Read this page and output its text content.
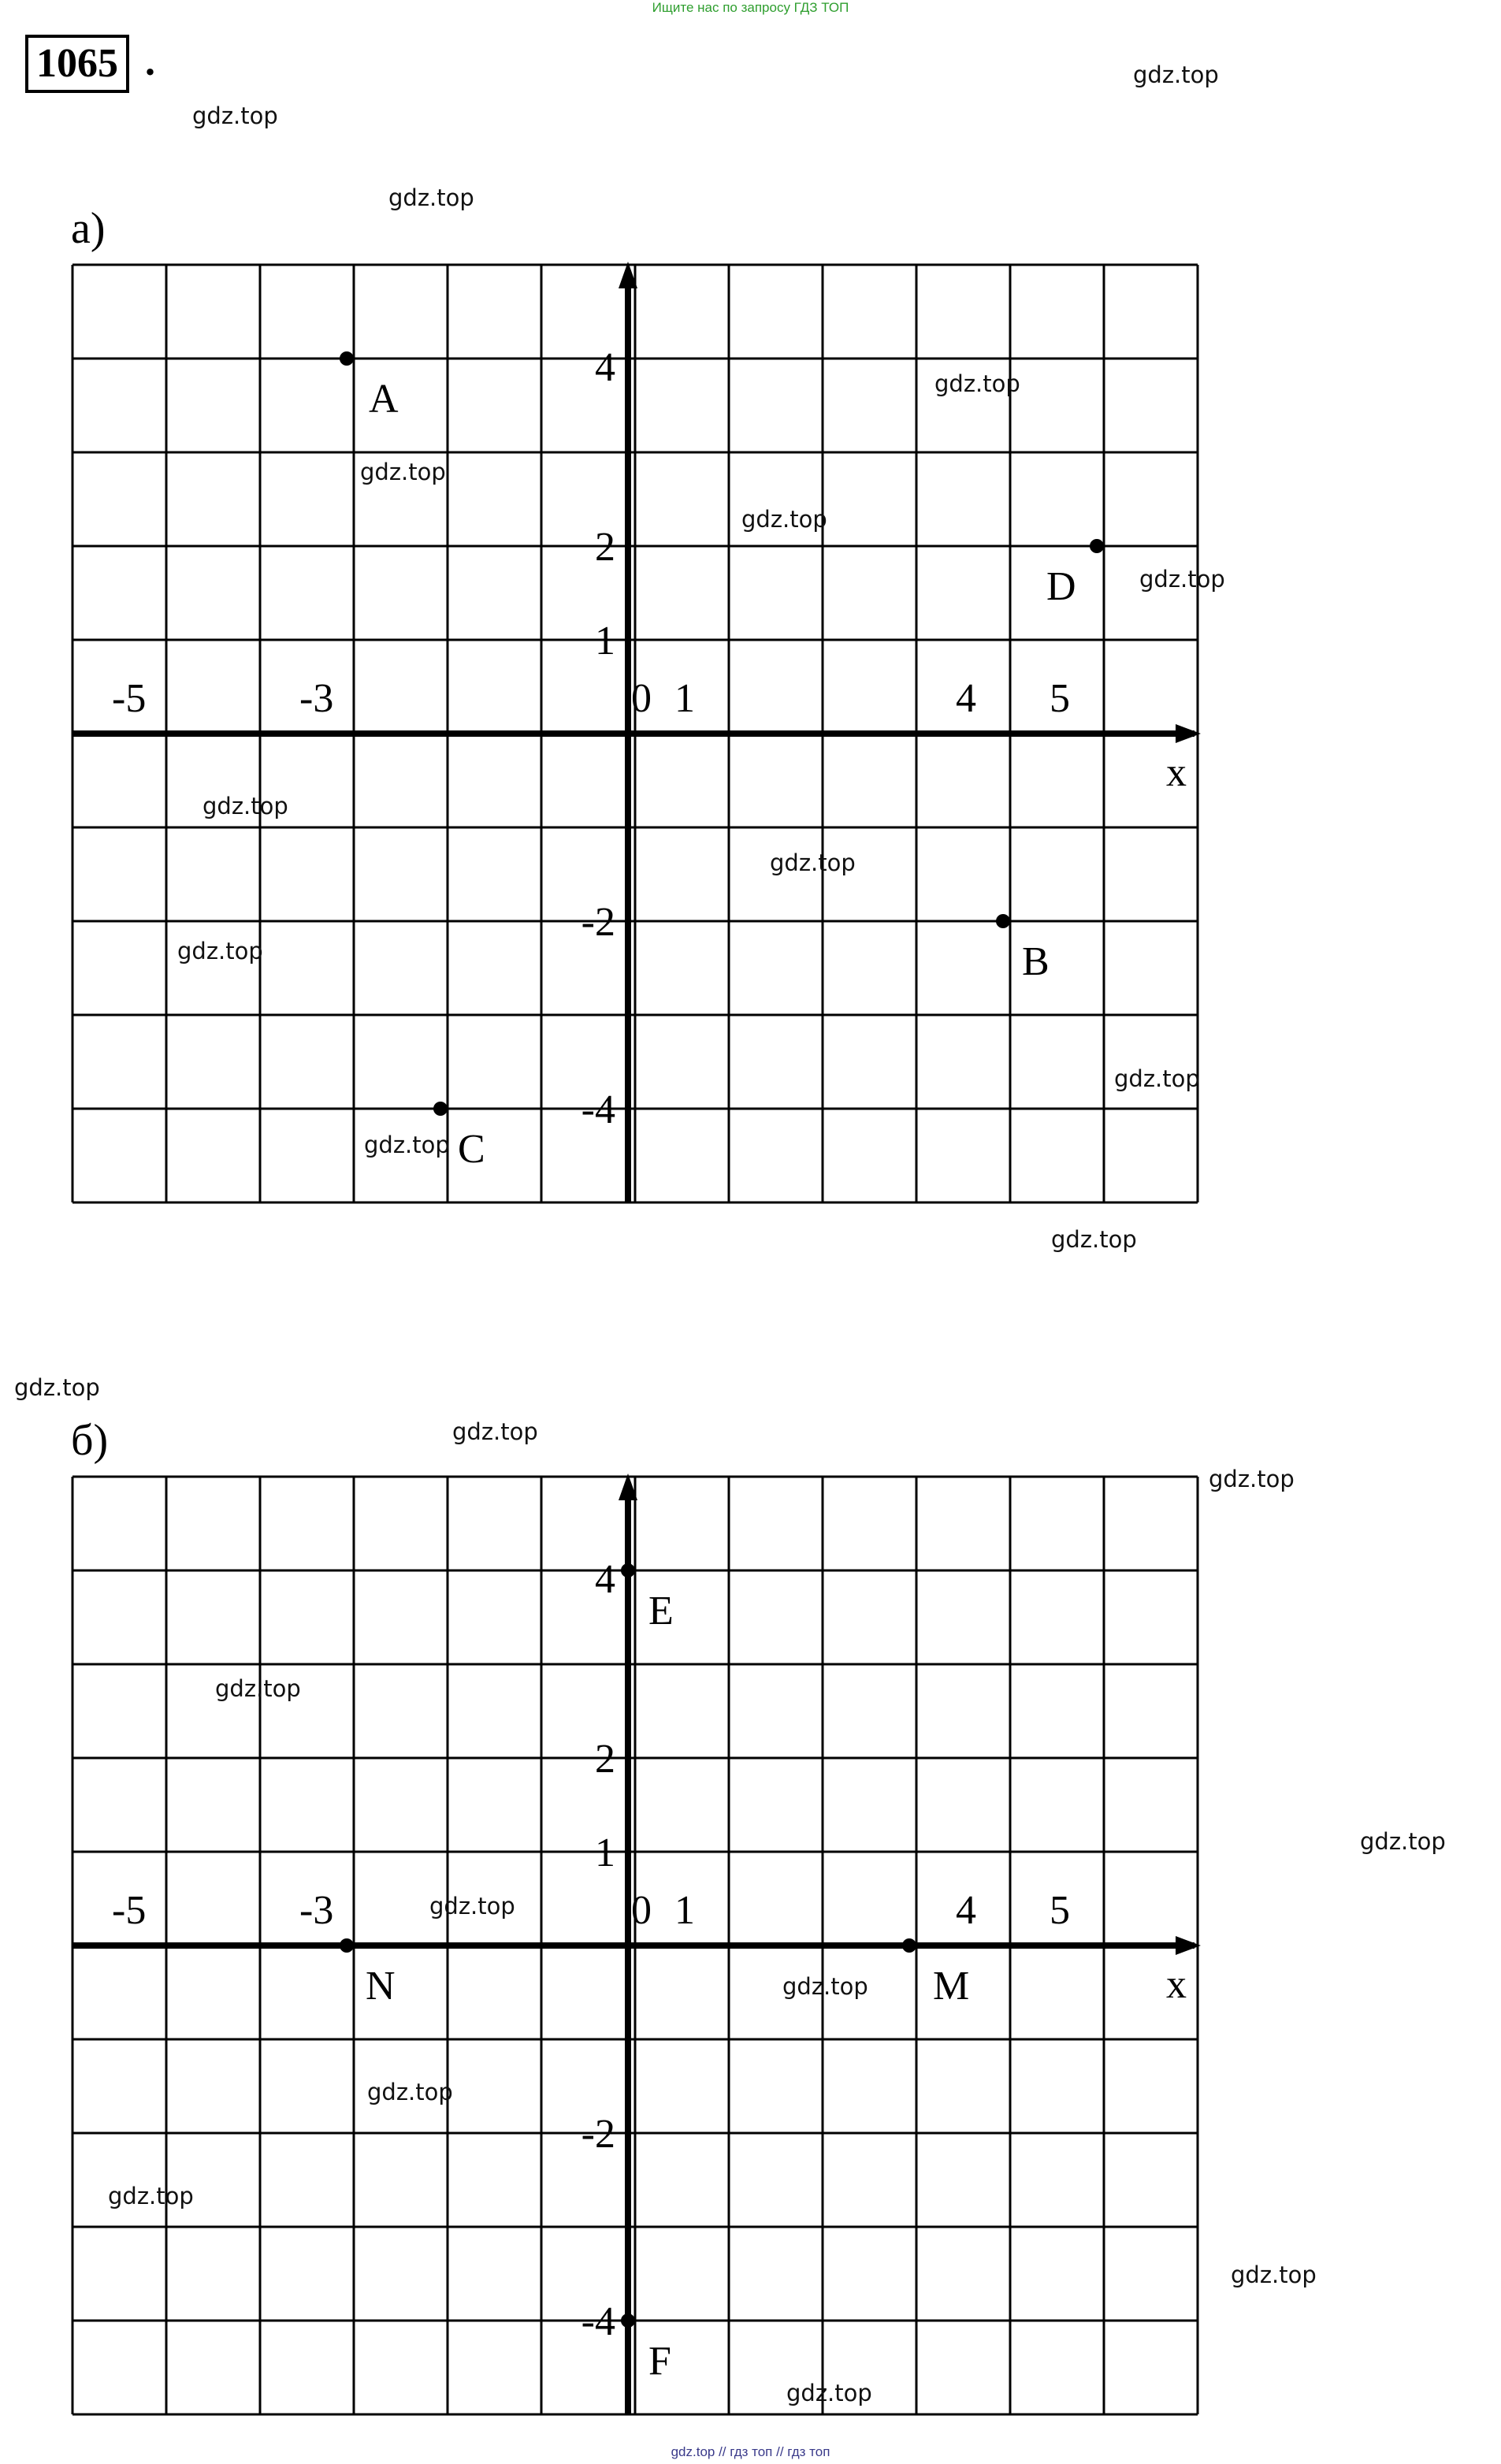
Ищите нас по запросу ГДЗ ТОП
1065 .
а)
б)
4
2
1
-2
-4
-5	-3	0 1	4 5
x
A
D
B
C
4
2
1
-2
-4
-5	-3	0 1	4 5
x
E
N	M
F
gdz.top
gdz.top
gdz.top
gdz.top
gdz.top
gdz.top
gdz.top
gdz.top
gdz.top
gdz.top
gdz.top
gdz.top
gdz.top
gdz.top
gdz.top
gdz.top
gdz.top
gdz.top
gdz.top
gdz.top
gdz.top
gdz.top
gdz.top
gdz.top
gdz.top // гдз топ // гдз топ
